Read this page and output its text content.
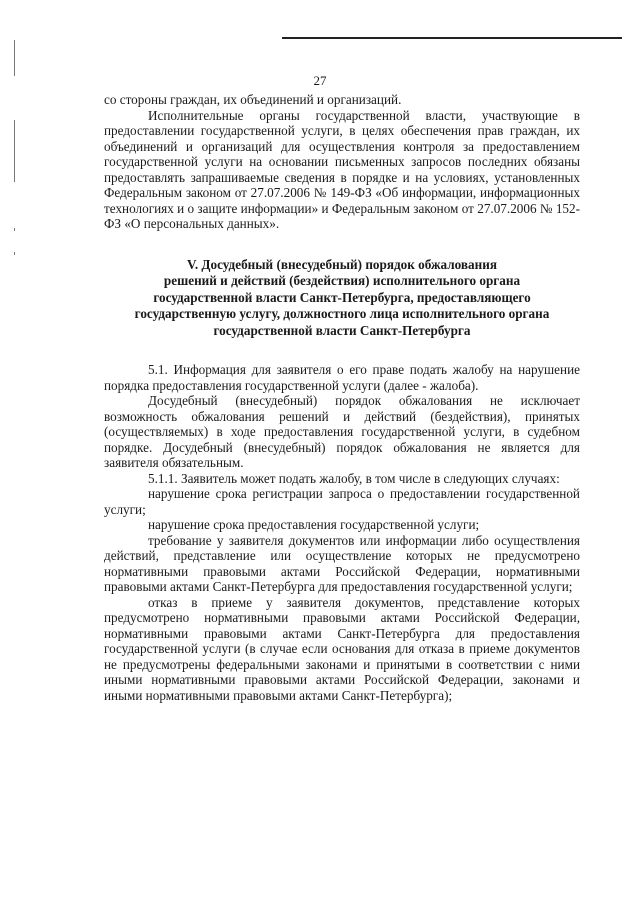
27

со стороны граждан, их объединений и организаций.

Исполнительные органы государственной власти, участвующие в предоставлении государственной услуги, в целях обеспечения прав граждан, их объединений и организаций для осуществления контроля за предоставлением государственной услуги на основании письменных запросов последних обязаны предоставлять запрашиваемые сведения в порядке и на условиях, установленных Федеральным законом от 27.07.2006 № 149-ФЗ «Об информации, информационных технологиях и о защите информации» и Федеральным законом от 27.07.2006 № 152-ФЗ «О персональных данных».

V. Досудебный (внесудебный) порядок обжалования
решений и действий (бездействия) исполнительного органа
государственной власти Санкт-Петербурга, предоставляющего
государственную услугу, должностного лица исполнительного органа
государственной власти Санкт-Петербурга

5.1. Информация для заявителя о его праве подать жалобу на нарушение порядка предоставления государственной услуги (далее - жалоба).

Досудебный (внесудебный) порядок обжалования не исключает возможность обжалования решений и действий (бездействия), принятых (осуществляемых) в ходе предоставления государственной услуги, в судебном порядке. Досудебный (внесудебный) порядок обжалования не является для заявителя обязательным.

5.1.1. Заявитель может подать жалобу, в том числе в следующих случаях:

нарушение срока регистрации запроса о предоставлении государственной услуги;

нарушение срока предоставления государственной услуги;

требование у заявителя документов или информации либо осуществления действий, представление или осуществление которых не предусмотрено нормативными правовыми актами Российской Федерации, нормативными правовыми актами Санкт-Петербурга для предоставления государственной услуги;

отказ в приеме у заявителя документов, представление которых предусмотрено нормативными правовыми актами Российской Федерации, нормативными правовыми актами Санкт-Петербурга для предоставления государственной услуги (в случае если основания для отказа в приеме документов не предусмотрены федеральными законами и принятыми в соответствии с ними иными нормативными правовыми актами Российской Федерации, законами и иными нормативными правовыми актами Санкт-Петербурга);
